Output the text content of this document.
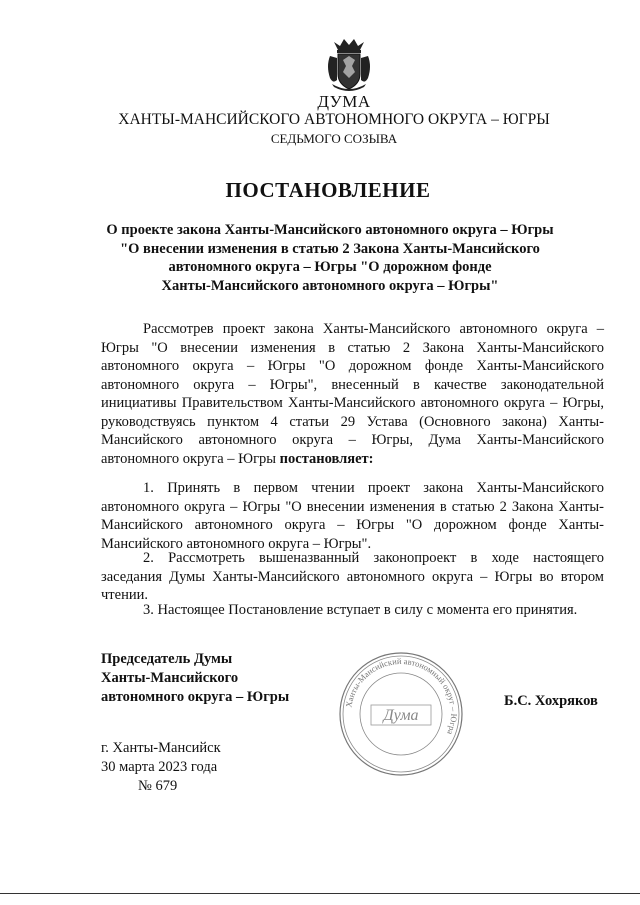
ДУМА
ХАНТЫ-МАНСИЙСКОГО АВТОНОМНОГО ОКРУГА – ЮГРЫ
СЕДЬМОГО СОЗЫВА
ПОСТАНОВЛЕНИЕ
О проекте закона Ханты-Мансийского автономного округа – Югры
"О внесении изменения в статью 2 Закона Ханты-Мансийского
автономного округа – Югры "О дорожном фонде
Ханты-Мансийского автономного округа – Югры"
Рассмотрев проект закона Ханты-Мансийского автономного округа – Югры "О внесении изменения в статью 2 Закона Ханты-Мансийского автономного округа – Югры "О дорожном фонде Ханты-Мансийского автономного округа – Югры", внесенный в качестве законодательной инициативы Правительством Ханты-Мансийского автономного округа – Югры, руководствуясь пунктом 4 статьи 29 Устава (Основного закона) Ханты-Мансийского автономного округа – Югры, Дума Ханты-Мансийского автономного округа – Югры постановляет:
1. Принять в первом чтении проект закона Ханты-Мансийского автономного округа – Югры "О внесении изменения в статью 2 Закона Ханты-Мансийского автономного округа – Югры "О дорожном фонде Ханты-Мансийского автономного округа – Югры".
2. Рассмотреть вышеназванный законопроект в ходе настоящего заседания Думы Ханты-Мансийского автономного округа – Югры во втором чтении.
3. Настоящее Постановление вступает в силу с момента его принятия.
Председатель Думы
Ханты-Мансийского
автономного округа – Югры	Ханты-Мансийский автономный округ – Югра
Дума
Б.С. Хохряков
г. Ханты-Мансийск
30 марта 2023 года
№ 679
